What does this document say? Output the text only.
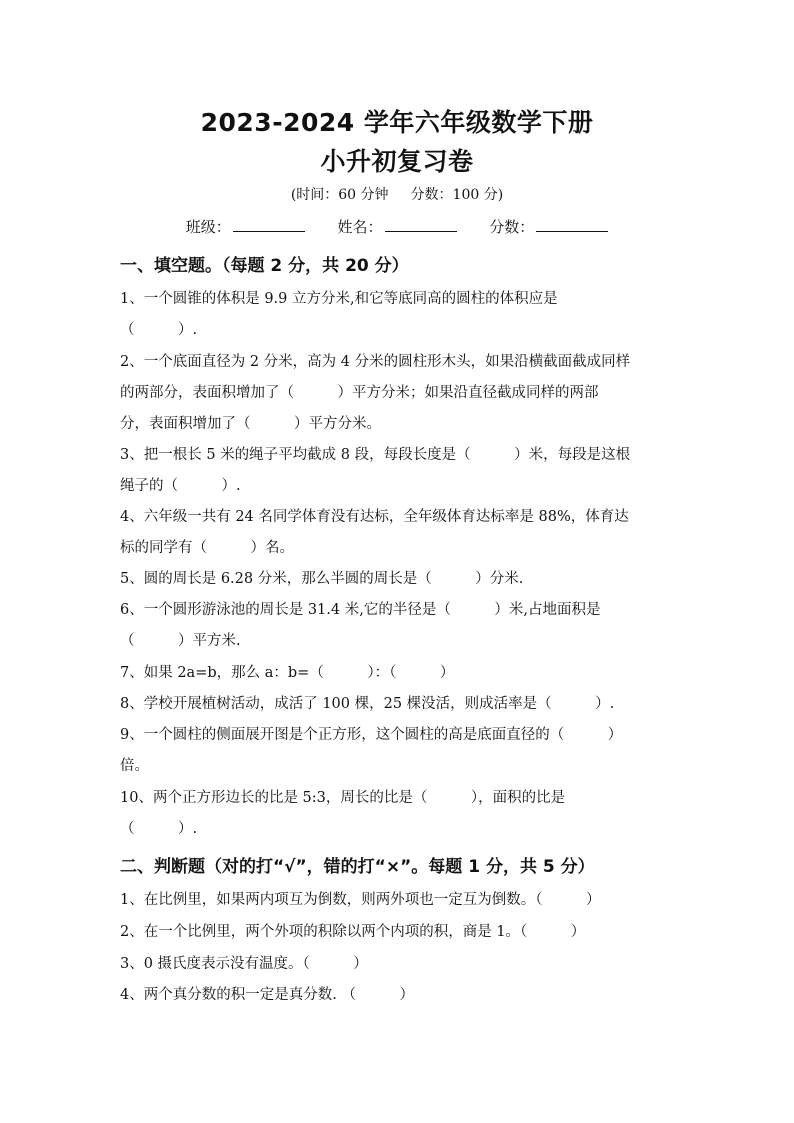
2023-2024 学年六年级数学下册
小升初复习卷
(时间：60 分钟 分数：100 分)
班级：	姓名：	分数：
一、填空题。（每题 2 分，共 20 分）
1、一个圆锥的体积是 9.9 立方分米,和它等底同高的圆柱的体积应是
（　　　）.
2、一个底面直径为 2 分米，高为 4 分米的圆柱形木头，如果沿横截面截成同样
的两部分，表面积增加了（　　　）平方分米；如果沿直径截成同样的两部
分，表面积增加了（　　　）平方分米。
3、把一根长 5 米的绳子平均截成 8 段，每段长度是（　　　）米，每段是这根
绳子的（　　　）.
4、六年级一共有 24 名同学体育没有达标，全年级体育达标率是 88%，体育达
标的同学有（　　　）名。
5、圆的周长是 6.28 分米，那么半圆的周长是（　　　）分米.
6、一个圆形游泳池的周长是 31.4 米,它的半径是（　　　）米,占地面积是
（　　　）平方米.
7、如果 2a=b，那么 a：b=（　　　）：（　　　）
8、学校开展植树活动，成活了 100 棵，25 棵没活，则成活率是（　　　）.
9、一个圆柱的侧面展开图是个正方形，这个圆柱的高是底面直径的（　　　）
倍。
10、两个正方形边长的比是 5:3，周长的比是（　　　），面积的比是
（　　　）.
二、判断题（对的打“√”，错的打“×”。每题 1 分，共 5 分）
1、在比例里，如果两内项互为倒数，则两外项也一定互为倒数。（　　　）
2、在一个比例里，两个外项的积除以两个内项的积，商是 1。（　　　）
3、0 摄氏度表示没有温度。（　　　）
4、两个真分数的积一定是真分数. （　　　）
